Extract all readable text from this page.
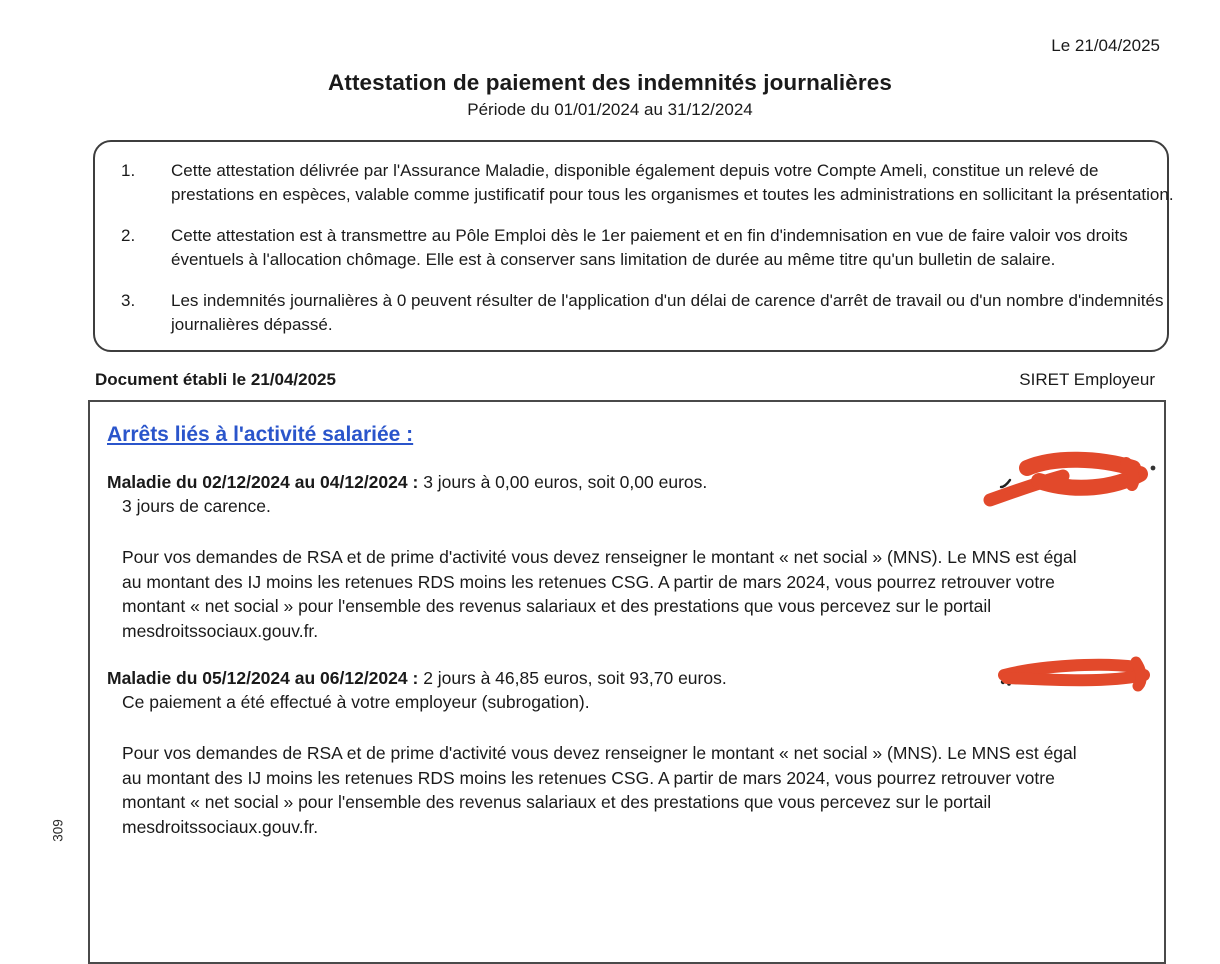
Le 21/04/2025
Attestation de paiement des indemnités journalières
Période du 01/01/2024 au 31/12/2024
1.	Cette attestation délivrée par l'Assurance Maladie, disponible également depuis votre Compte Ameli, constitue un relevé de
prestations en espèces, valable comme justificatif pour tous les organismes et toutes les administrations en sollicitant la présentation.
2.	Cette attestation est à transmettre au Pôle Emploi dès le 1er paiement et en fin d'indemnisation en vue de faire valoir vos droits
éventuels à l'allocation chômage. Elle est à conserver sans limitation de durée au même titre qu'un bulletin de salaire.
3.	Les indemnités journalières à 0 peuvent résulter de l'application d'un délai de carence d'arrêt de travail ou d'un nombre d'indemnités
journalières dépassé.
Document établi le 21/04/2025	SIRET Employeur
Arrêts liés à l'activité salariée :
Maladie du 02/12/2024 au 04/12/2024 : 3 jours à 0,00 euros, soit 0,00 euros.
3 jours de carence.
Pour vos demandes de RSA et de prime d'activité vous devez renseigner le montant « net social » (MNS). Le MNS est égal
au montant des IJ moins les retenues RDS moins les retenues CSG. A partir de mars 2024, vous pourrez retrouver votre
montant « net social » pour l'ensemble des revenus salariaux et des prestations que vous percevez sur le portail
mesdroitssociaux.gouv.fr.
Maladie du 05/12/2024 au 06/12/2024 : 2 jours à 46,85 euros, soit 93,70 euros.
Ce paiement a été effectué à votre employeur (subrogation).
Pour vos demandes de RSA et de prime d'activité vous devez renseigner le montant « net social » (MNS). Le MNS est égal
au montant des IJ moins les retenues RDS moins les retenues CSG. A partir de mars 2024, vous pourrez retrouver votre
montant « net social » pour l'ensemble des revenus salariaux et des prestations que vous percevez sur le portail
mesdroitssociaux.gouv.fr.
309
